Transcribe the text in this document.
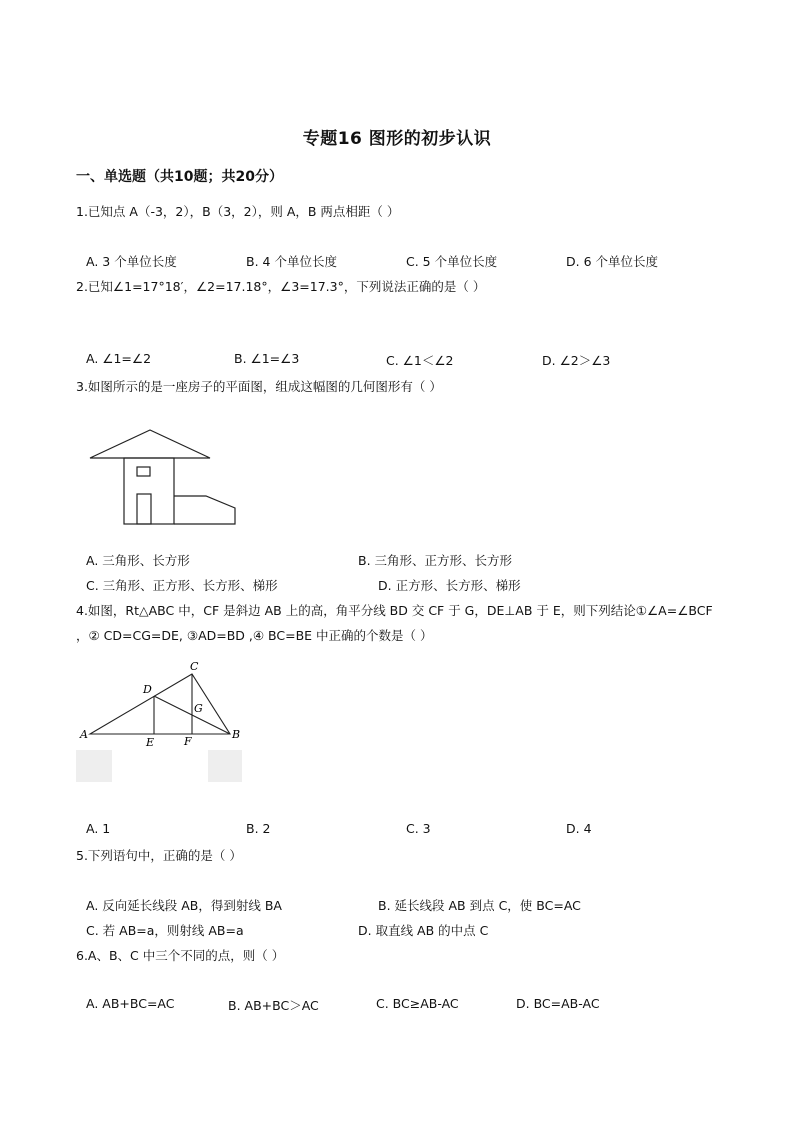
专题16 图形的初步认识
一、单选题（共10题；共20分）
1.已知点 A（-3，2），B（3，2），则 A，B 两点相距（ ）
A. 3 个单位长度	B. 4 个单位长度	C. 5 个单位长度	D. 6 个单位长度
2.已知∠1=17°18′，∠2=17.18°，∠3=17.3°，下列说法正确的是（ ）
A. ∠1=∠2	B. ∠1=∠3	C. ∠1＜∠2	D. ∠2＞∠3
3.如图所示的是一座房子的平面图，组成这幅图的几何图形有（ ）
A. 三角形、长方形	B. 三角形、正方形、长方形
C. 三角形、正方形、长方形、梯形	D. 正方形、长方形、梯形
4.如图，Rt△ABC 中，CF 是斜边 AB 上的高，角平分线 BD 交 CF 于 G，DE⊥AB 于 E，则下列结论①∠A=∠BCF
，② CD=CG=DE, ③AD=BD ,④ BC=BE 中正确的个数是（ ）
C
D
G
A
E	F
B
A. 1	B. 2	C. 3	D. 4
5.下列语句中，正确的是（ ）
A. 反向延长线段 AB，得到射线 BA	B. 延长线段 AB 到点 C，使 BC=AC
C. 若 AB=a，则射线 AB=a	D. 取直线 AB 的中点 C
6.A、B、C 中三个不同的点，则（ ）
A. AB+BC=AC	B. AB+BC＞AC	C. BC≥AB-AC	D. BC=AB-AC
